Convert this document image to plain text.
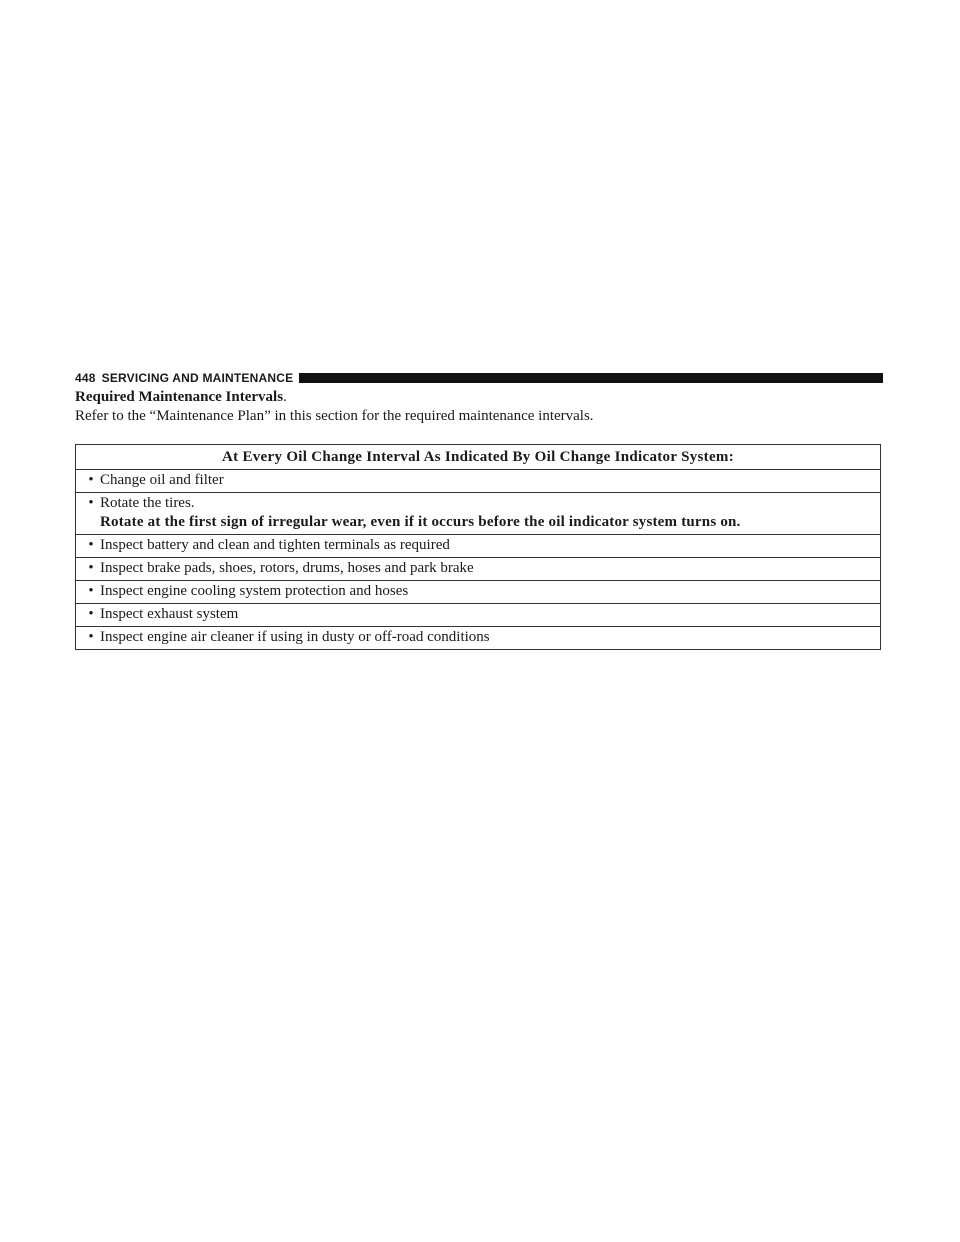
448 SERVICING AND MAINTENANCE
Required Maintenance Intervals.
Refer to the “Maintenance Plan” in this section for the required maintenance intervals.
At Every Oil Change Interval As Indicated By Oil Change Indicator System:

• Change oil and filter

• Rotate the tires.
Rotate at the first sign of irregular wear, even if it occurs before the oil indicator system turns on.

• Inspect battery and clean and tighten terminals as required

• Inspect brake pads, shoes, rotors, drums, hoses and park brake

• Inspect engine cooling system protection and hoses

• Inspect exhaust system

• Inspect engine air cleaner if using in dusty or off-road conditions
